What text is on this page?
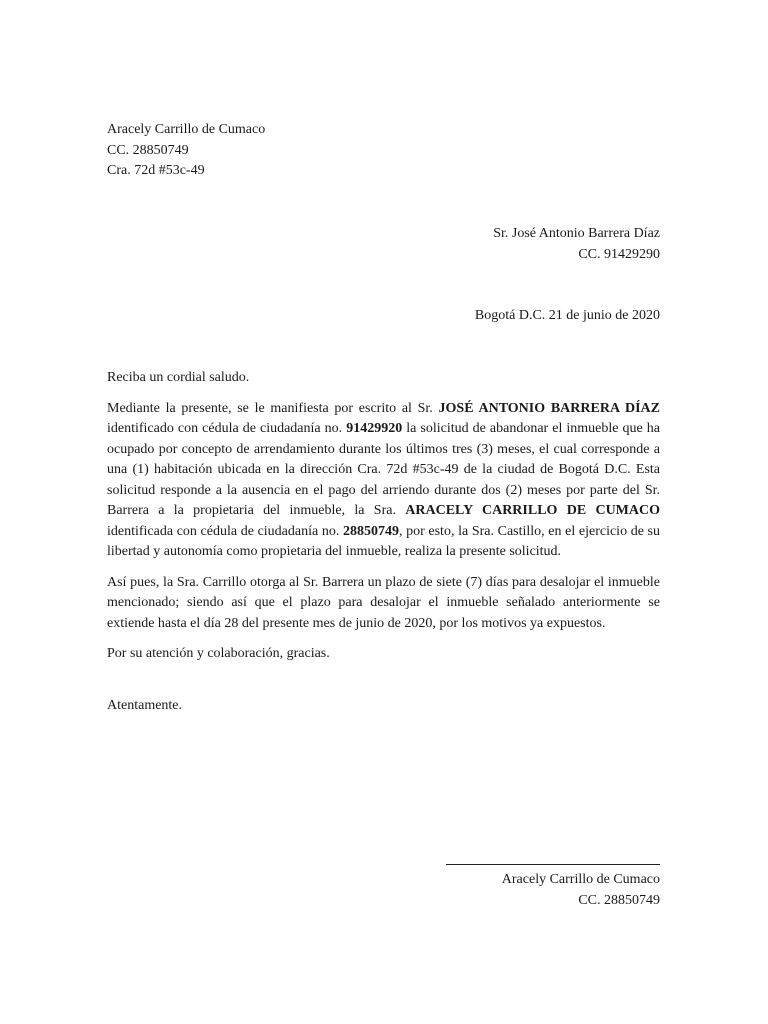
Aracely Carrillo de Cumaco
CC. 28850749
Cra. 72d #53c-49
Sr. José Antonio Barrera Díaz
CC. 91429290
Bogotá D.C. 21 de junio de 2020

Reciba un cordial saludo.

Mediante la presente, se le manifiesta por escrito al Sr. JOSÉ ANTONIO BARRERA DÍAZ identificado con cédula de ciudadanía no. 91429920 la solicitud de abandonar el inmueble que ha ocupado por concepto de arrendamiento durante los últimos tres (3) meses, el cual corresponde a una (1) habitación ubicada en la dirección Cra. 72d #53c-49 de la ciudad de Bogotá D.C. Esta solicitud responde a la ausencia en el pago del arriendo durante dos (2) meses por parte del Sr. Barrera a la propietaria del inmueble, la Sra. ARACELY CARRILLO DE CUMACO identificada con cédula de ciudadanía no. 28850749, por esto, la Sra. Castillo, en el ejercicio de su libertad y autonomía como propietaria del inmueble, realiza la presente solicitud.

Así pues, la Sra. Carrillo otorga al Sr. Barrera un plazo de siete (7) días para desalojar el inmueble mencionado; siendo así que el plazo para desalojar el inmueble señalado anteriormente se extiende hasta el día 28 del presente mes de junio de 2020, por los motivos ya expuestos.

Por su atención y colaboración, gracias.

Atentamente.

Aracely Carrillo de Cumaco
CC. 28850749
